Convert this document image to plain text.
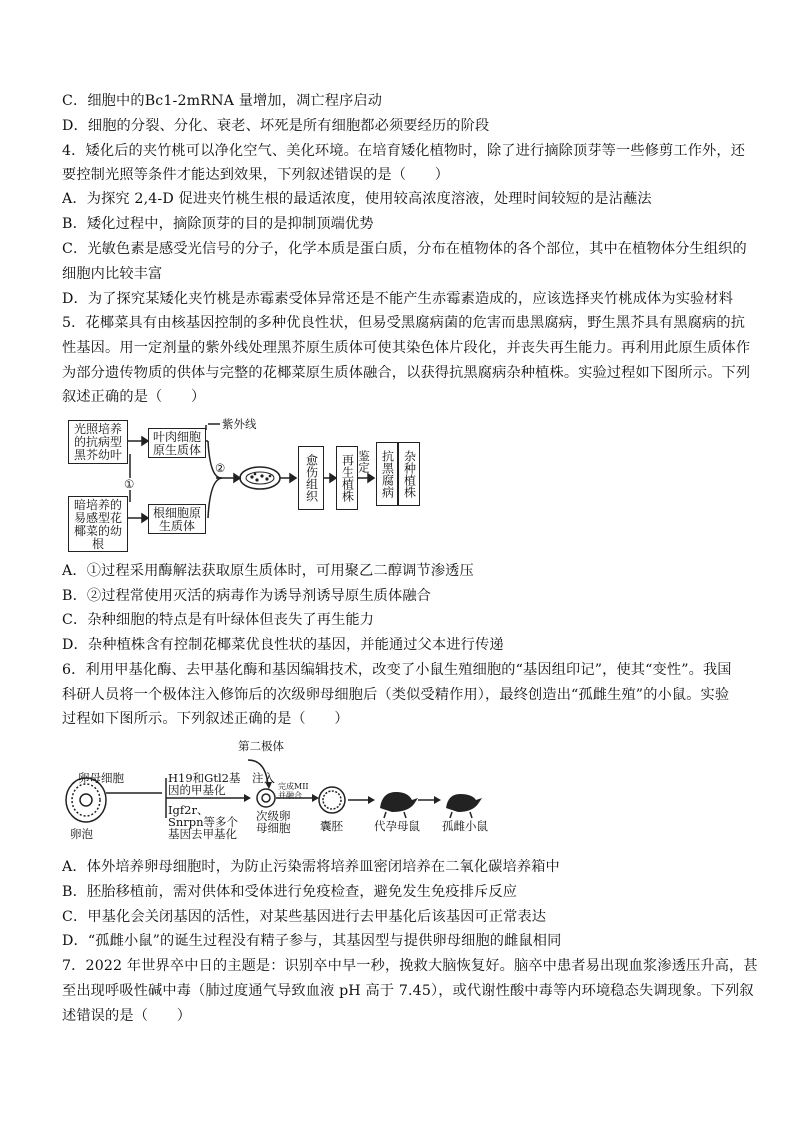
C．细胞中的Bc1-2mRNA 量增加，凋亡程序启动
D．细胞的分裂、分化、衰老、坏死是所有细胞都必须要经历的阶段
4．矮化后的夹竹桃可以净化空气、美化环境。在培育矮化植物时，除了进行摘除顶芽等一些修剪工作外，还
要控制光照等条件才能达到效果，下列叙述错误的是（　　）
A．为探究 2,4-D 促进夹竹桃生根的最适浓度，使用较高浓度溶液，处理时间较短的是沾蘸法
B．矮化过程中，摘除顶芽的目的是抑制顶端优势
C．光敏色素是感受光信号的分子，化学本质是蛋白质，分布在植物体的各个部位，其中在植物体分生组织的
细胞内比较丰富
D．为了探究某矮化夹竹桃是赤霉素受体异常还是不能产生赤霉素造成的，应该选择夹竹桃成体为实验材料
5．花椰菜具有由核基因控制的多种优良性状，但易受黑腐病菌的危害而患黑腐病，野生黑芥具有黑腐病的抗
性基因。用一定剂量的紫外线处理黑芥原生质体可使其染色体片段化，并丧失再生能力。再利用此原生质体作
为部分遗传物质的供体与完整的花椰菜原生质体融合，以获得抗黑腐病杂种植株。实验过程如下图所示。下列
叙述正确的是（　　）
光照培养的抗病型黑芥幼叶
暗培养的易感型花椰菜的幼根
叶肉细胞原生质体
根细胞原生质体
紫外线
①
②	愈伤组织	再生植株 鉴定 抗黑腐病 杂种植株
A．①过程采用酶解法获取原生质体时，可用聚乙二醇调节渗透压
B．②过程常使用灭活的病毒作为诱导剂诱导原生质体融合
C．杂种细胞的特点是有叶绿体但丧失了再生能力
D．杂种植株含有控制花椰菜优良性状的基因，并能通过父本进行传递
6．利用甲基化酶、去甲基化酶和基因编辑技术，改变了小鼠生殖细胞的“基因组印记”，使其“变性”。我国
科研人员将一个极体注入修饰后的次级卵母细胞后（类似受精作用），最终创造出“孤雌生殖”的小鼠。实验
过程如下图所示。下列叙述正确的是（　　）
第二极体
卵母细胞	H19和Gtl2基因的甲基化
Igf2r、Snrpn等多个基因去甲基化
注入
完成MII 并融合
卵泡
次级卵母细胞	囊胚	代孕母鼠 孤雌小鼠
A．体外培养卵母细胞时，为防止污染需将培养皿密闭培养在二氧化碳培养箱中
B．胚胎移植前，需对供体和受体进行免疫检查，避免发生免疫排斥反应
C．甲基化会关闭基因的活性，对某些基因进行去甲基化后该基因可正常表达
D．“孤雌小鼠”的诞生过程没有精子参与，其基因型与提供卵母细胞的雌鼠相同
7．2022 年世界卒中日的主题是：识别卒中早一秒，挽救大脑恢复好。脑卒中患者易出现血浆渗透压升高，甚
至出现呼吸性碱中毒（肺过度通气导致血液 pH 高于 7.45），或代谢性酸中毒等内环境稳态失调现象。下列叙
述错误的是（　　）
